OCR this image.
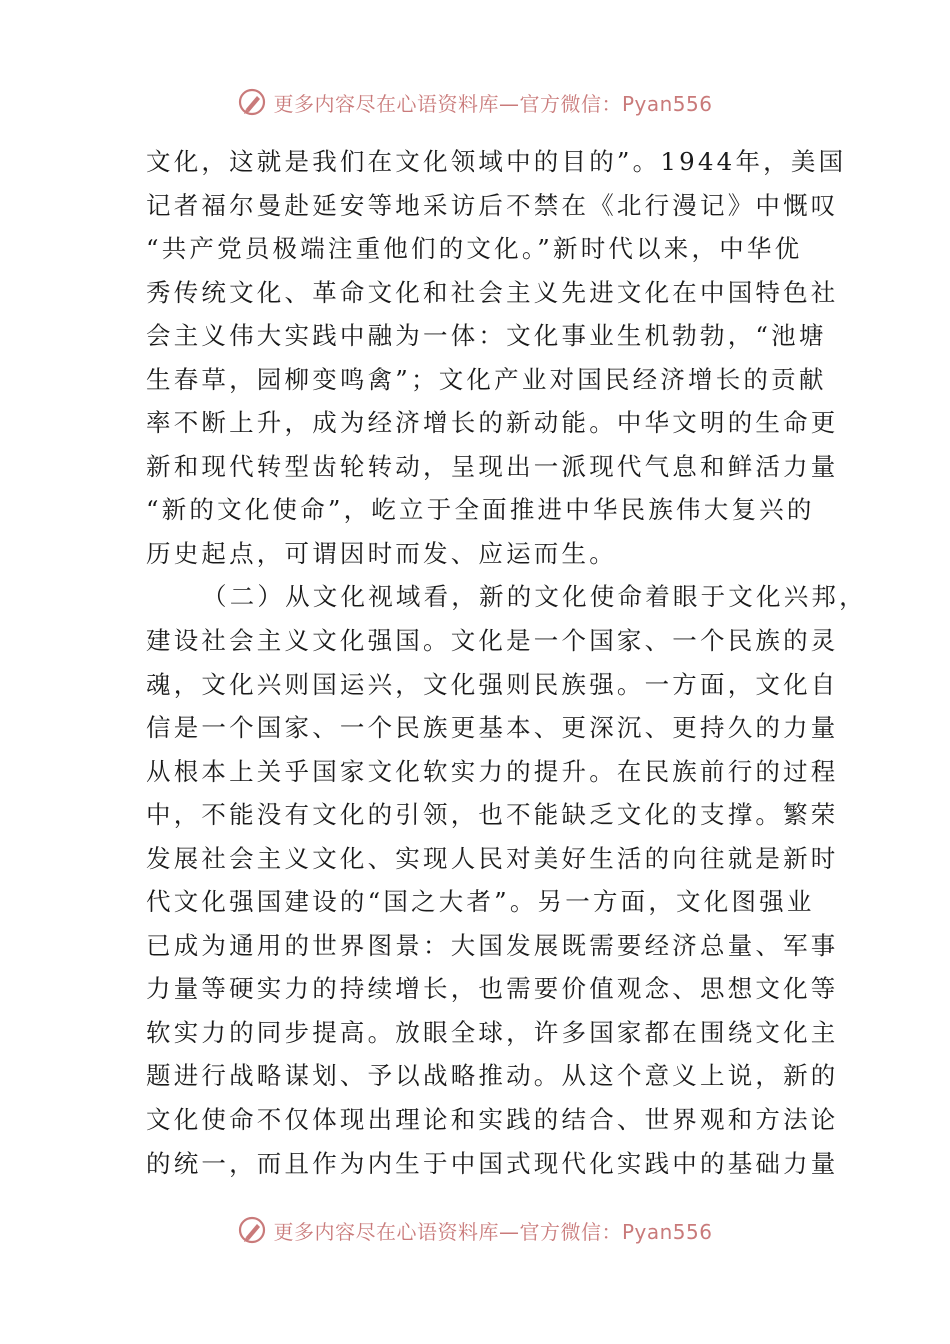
更多内容尽在心语资料库—官方微信：Pyan556
文化，这就是我们在文化领域中的目的”。1944年，美国
记者福尔曼赴延安等地采访后不禁在《北行漫记》中慨叹
“共产党员极端注重他们的文化。”新时代以来，中华优
秀传统文化、革命文化和社会主义先进文化在中国特色社
会主义伟大实践中融为一体：文化事业生机勃勃，“池塘
生春草，园柳变鸣禽”；文化产业对国民经济增长的贡献
率不断上升，成为经济增长的新动能。中华文明的生命更
新和现代转型齿轮转动，呈现出一派现代气息和鲜活力量
“新的文化使命”，屹立于全面推进中华民族伟大复兴的
历史起点，可谓因时而发、应运而生。
（二）从文化视域看，新的文化使命着眼于文化兴邦，
建设社会主义文化强国。文化是一个国家、一个民族的灵
魂，文化兴则国运兴，文化强则民族强。一方面，文化自
信是一个国家、一个民族更基本、更深沉、更持久的力量
从根本上关乎国家文化软实力的提升。在民族前行的过程
中，不能没有文化的引领，也不能缺乏文化的支撑。繁荣
发展社会主义文化、实现人民对美好生活的向往就是新时
代文化强国建设的“国之大者”。另一方面，文化图强业
已成为通用的世界图景：大国发展既需要经济总量、军事
力量等硬实力的持续增长，也需要价值观念、思想文化等
软实力的同步提高。放眼全球，许多国家都在围绕文化主
题进行战略谋划、予以战略推动。从这个意义上说，新的
文化使命不仅体现出理论和实践的结合、世界观和方法论
的统一，而且作为内生于中国式现代化实践中的基础力量
更多内容尽在心语资料库—官方微信：Pyan556
